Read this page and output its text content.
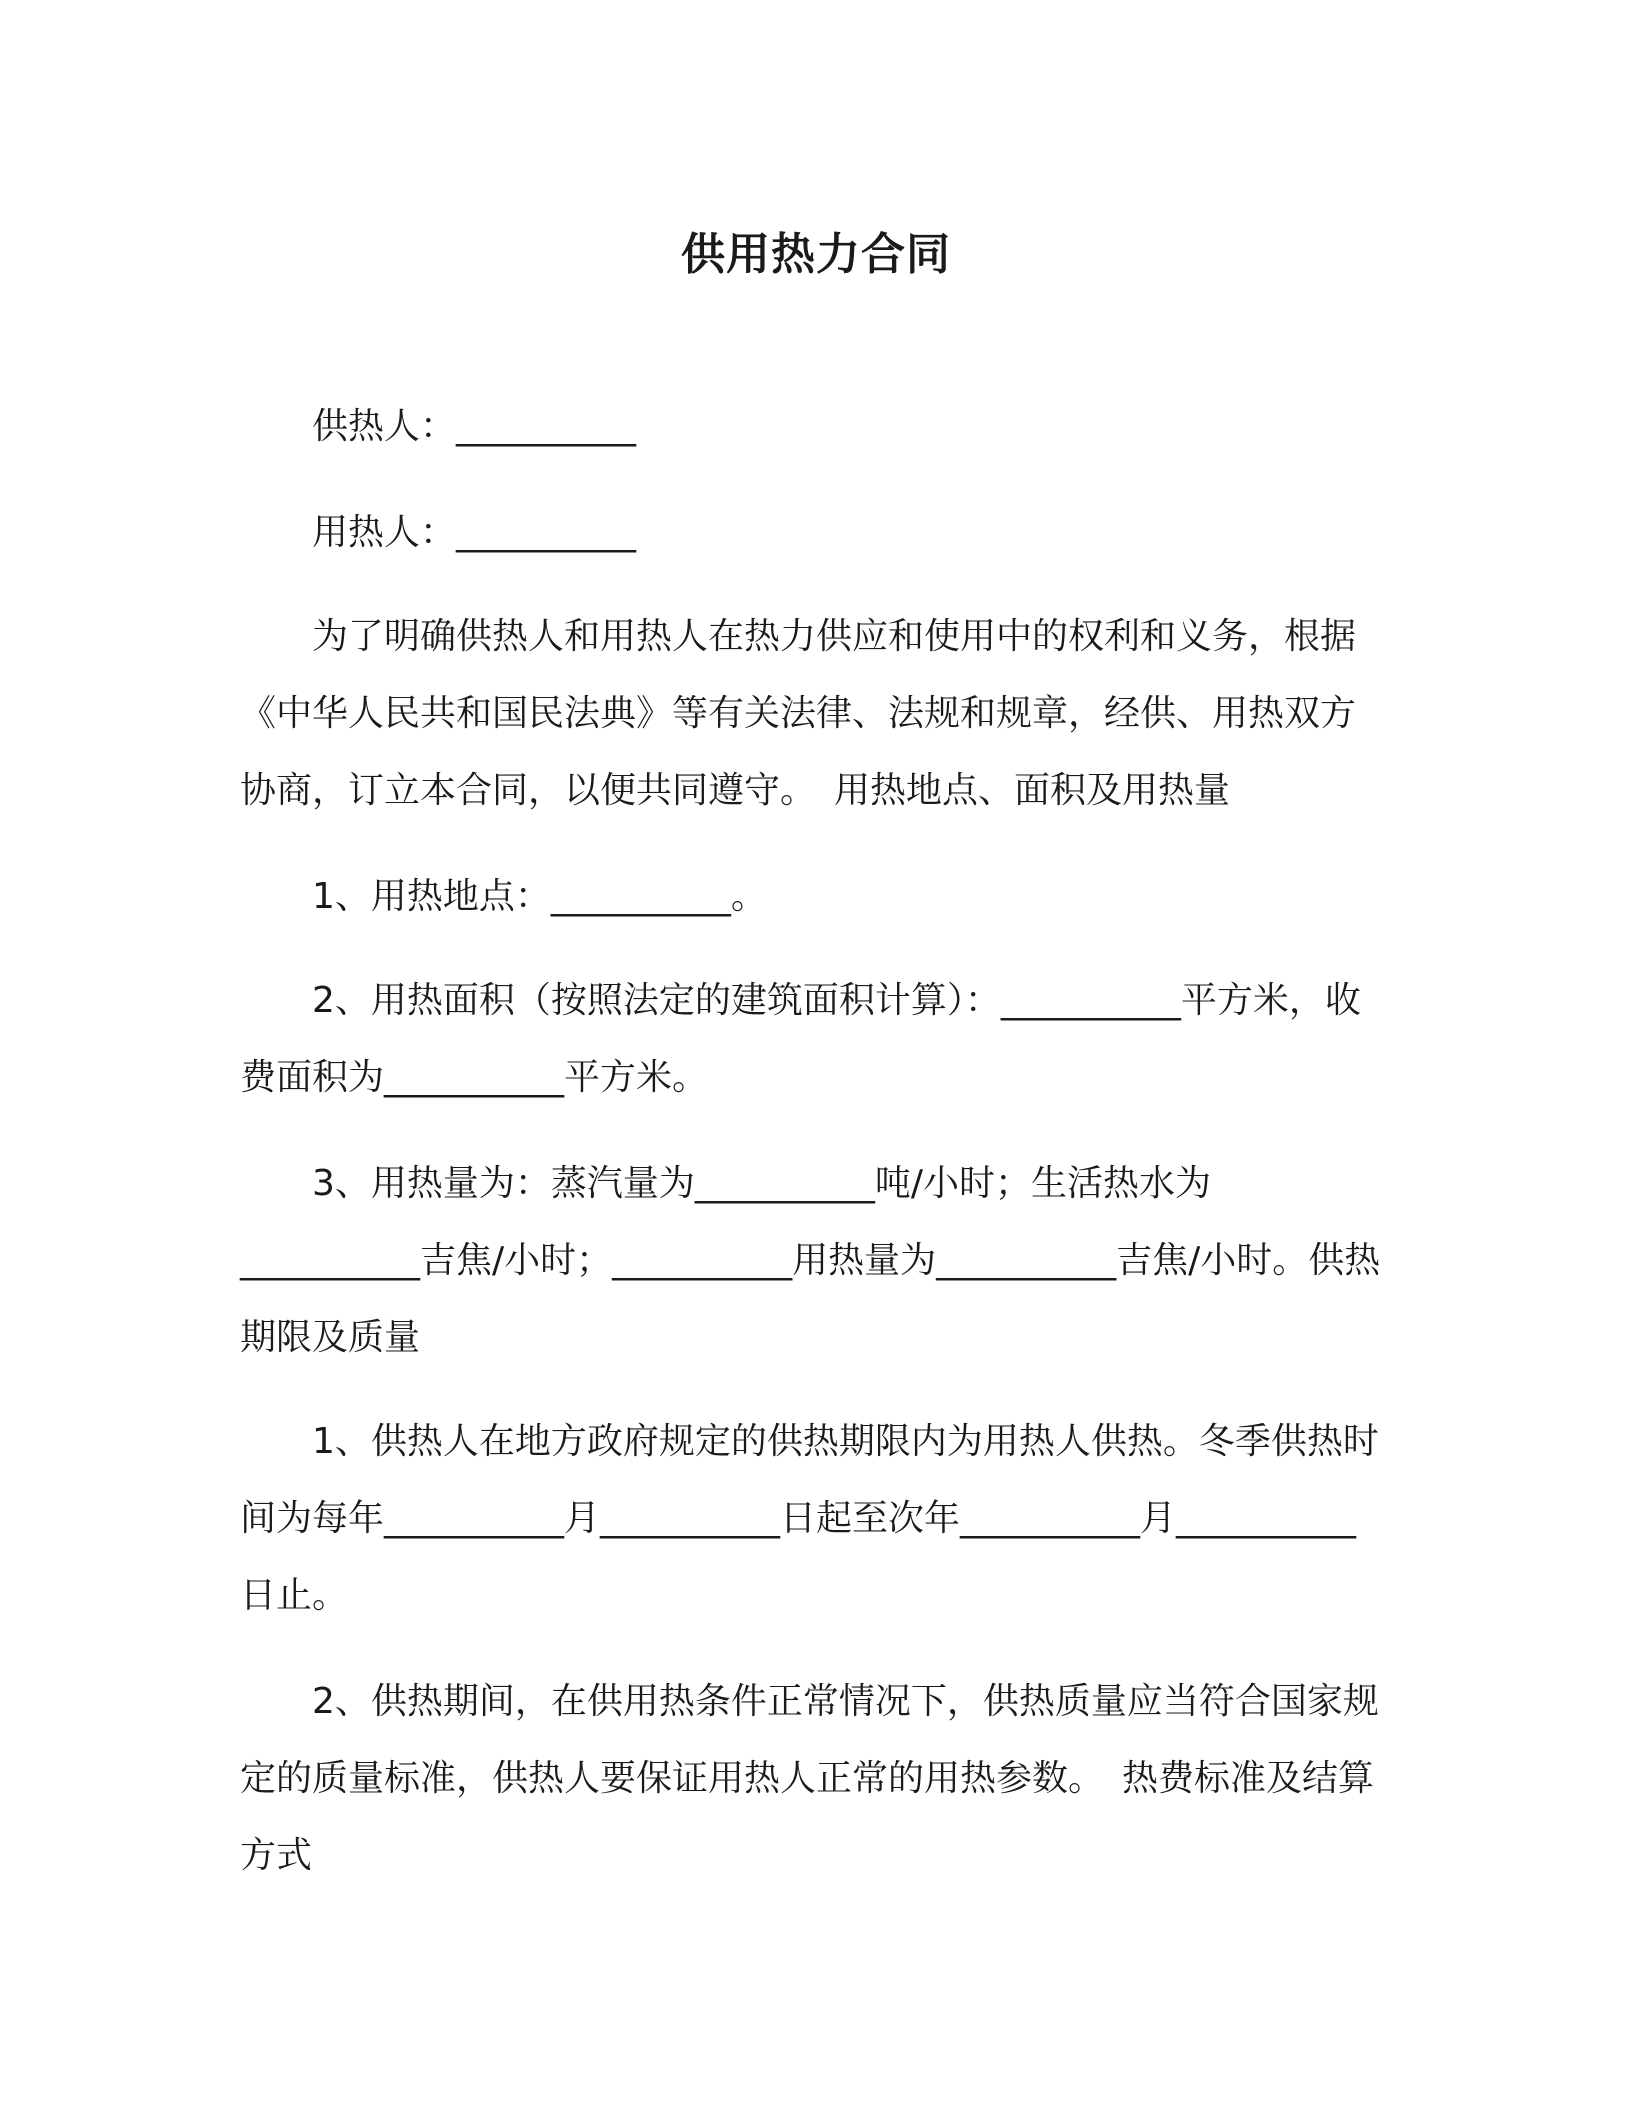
供用热力合同

供热人：__________

用热人：__________

为了明确供热人和用热人在热力供应和使用中的权利和义务，根据《中华人民共和国民法典》等有关法律、法规和规章，经供、用热双方协商，订立本合同，以便共同遵守。　用热地点、面积及用热量

1、用热地点：__________。

2、用热面积（按照法定的建筑面积计算）：__________平方米，收费面积为__________平方米。

3、用热量为：蒸汽量为__________吨/小时；生活热水为__________吉焦/小时；__________用热量为__________吉焦/小时。供热期限及质量

1、供热人在地方政府规定的供热期限内为用热人供热。冬季供热时间为每年__________月__________日起至次年__________月__________日止。

2、供热期间，在供用热条件正常情况下，供热质量应当符合国家规定的质量标准，供热人要保证用热人正常的用热参数。　热费标准及结算方式
